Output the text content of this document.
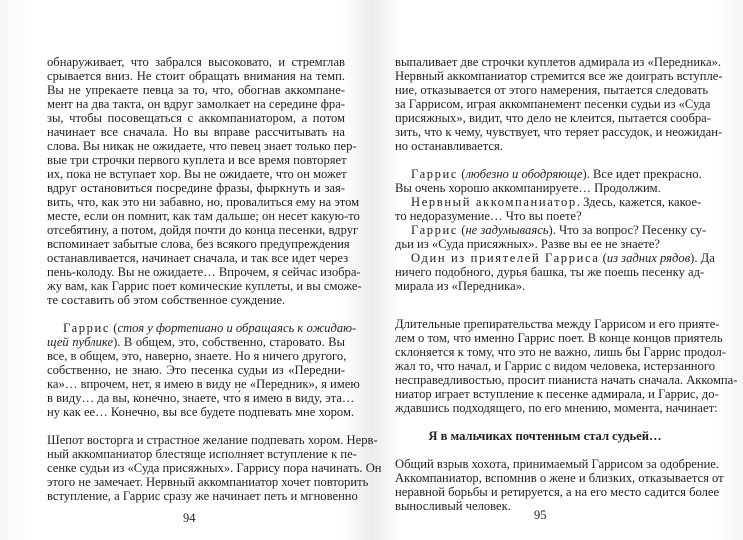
обнаруживает, что забрался высоковато, и стремглав
срывается вниз. Не стоит обращать внимания на темп.
Вы не упрекаете певца за то, что, обогнав аккомпане-
мент на два такта, он вдруг замолкает на середине фра-
зы, чтобы посовещаться с аккомпаниатором, а потом
начинает все сначала. Но вы вправе рассчитывать на
слова. Вы никак не ожидаете, что певец знает только пер-
вые три строчки первого куплета и все время повторяет
их, пока не вступает хор. Вы не ожидаете, что он может
вдруг остановиться посредине фразы, фыркнуть и зая-
вить, что, как это ни забавно, но, провалиться ему на этом
месте, если он помнит, как там дальше; он несет какую-то
отсебятину, а потом, дойдя почти до конца песенки, вдруг
вспоминает забытые слова, без всякого предупреждения
останавливается, начинает сначала, и так все идет через
пень-колоду. Вы не ожидаете… Впрочем, я сейчас изобра-
жу вам, как Гаррис поет комические куплеты, и вы сможе-
те составить об этом собственное суждение.
Гаррис (стоя у фортепиано и обращаясь к ожидаю-
щей публике). В общем, это, собственно, старовато. Вы
все, в общем, это, наверно, знаете. Но я ничего другого,
собственно, не знаю. Это песенка судьи из «Передни-
ка»… впрочем, нет, я имею в виду не «Передник», я имею
в виду… да вы, конечно, знаете, что́ я имею в виду, эта…
ну как ее… Конечно, вы все будете подпевать мне хором.
Шепот восторга и страстное желание подпевать хором. Нерв-
ный аккомпаниатор блестяще исполняет вступление к пе-
сенке судьи из «Суда присяжных». Гаррису пора начинать. Он
этого не замечает. Нервный аккомпаниатор хочет повторить
вступление, а Гаррис сразу же начинает петь и мгновенно
94
выпаливает две строчки куплетов адмирала из «Передника».
Нервный аккомпаниатор стремится все же доиграть вступле-
ние, отказывается от этого намерения, пытается следовать
за Гаррисом, играя аккомпанемент песенки судьи из «Суда
присяжных», видит, что дело не клеится, пытается сообра-
зить, что к чему, чувствует, что теряет рассудок, и неожидан-
но останавливается.
Гаррис (любезно и ободряюще). Все идет прекрасно.
Вы очень хорошо аккомпанируете… Продолжим.
Нервный аккомпаниатор. Здесь, кажется, какое-
то недоразумение… Что вы поете?
Гаррис (не задумываясь). Что за вопрос? Песенку су-
дьи из «Суда присяжных». Разве вы ее не знаете?
Один из приятелей Гарриса (из задних рядов). Да
ничего подобного, дурья башка, ты же поешь песенку ад-
мирала из «Передника».
Длительные препирательства между Гаррисом и его прияте-
лем о том, что́ именно Гаррис поет. В конце концов приятель
склоняется к тому, что это не важно, лишь бы Гаррис продол-
жал то, что начал, и Гаррис с видом человека, истерзанного
несправедливостью, просит пианиста начать сначала. Аккомпа-
ниатор играет вступление к песенке адмирала, и Гаррис, до-
ждавшись подходящего, по его мнению, момента, начинает:
Я в мальчиках почтенным стал судьей…
Общий взрыв хохота, принимаемый Гаррисом за одобрение.
Аккомпаниатор, вспомнив о жене и близких, отказывается от
неравной борьбы и ретируется, а на его место садится более
выносливый человек.
95
